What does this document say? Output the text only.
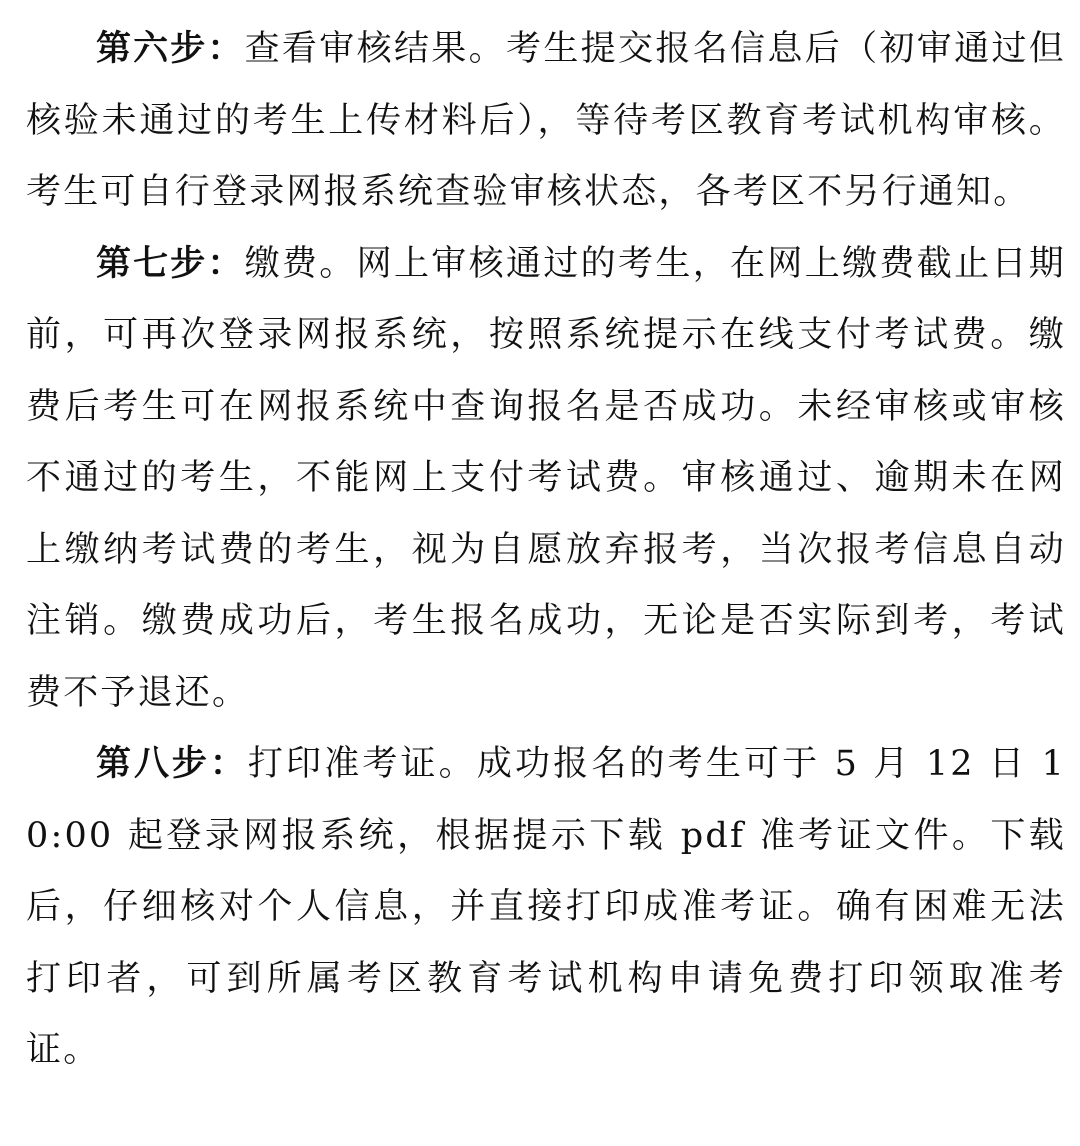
第六步：查看审核结果。考生提交报名信息后（初审通过但核验未通过的考生上传材料后），等待考区教育考试机构审核。考生可自行登录网报系统查验审核状态，各考区不另行通知。

第七步：缴费。网上审核通过的考生，在网上缴费截止日期前，可再次登录网报系统，按照系统提示在线支付考试费。缴费后考生可在网报系统中查询报名是否成功。未经审核或审核不通过的考生，不能网上支付考试费。审核通过、逾期未在网上缴纳考试费的考生，视为自愿放弃报考，当次报考信息自动注销。缴费成功后，考生报名成功，无论是否实际到考，考试费不予退还。

第八步：打印准考证。成功报名的考生可于 5 月 12 日 10:00 起登录网报系统，根据提示下载 pdf 准考证文件。下载后，仔细核对个人信息，并直接打印成准考证。确有困难无法打印者，可到所属考区教育考试机构申请免费打印领取准考证。
